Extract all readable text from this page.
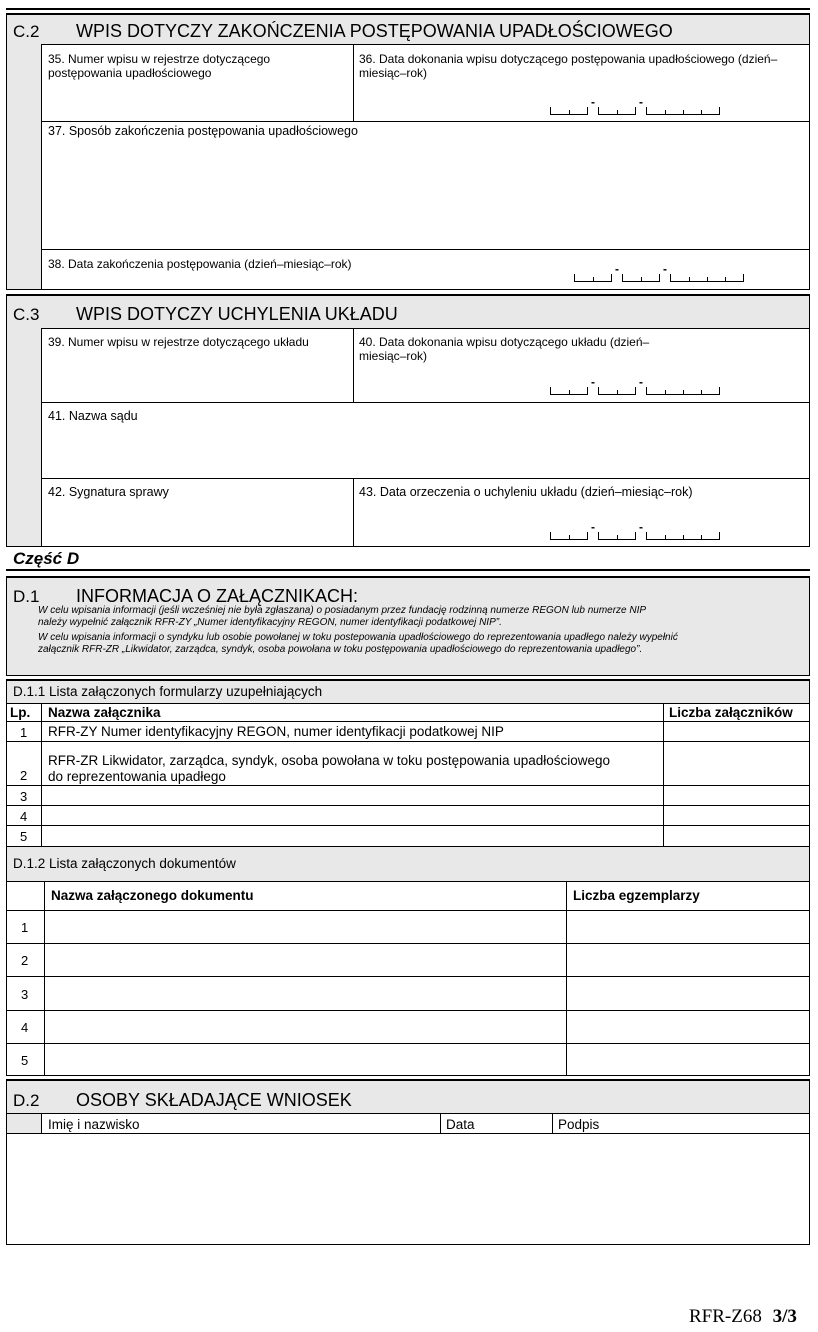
C.2 WPIS DOTYCZY ZAKOŃCZENIA POSTĘPOWANIA UPADŁOŚCIOWEGO
35. Numer wpisu w rejestrze dotyczącego postępowania upadłościowego
36. Data dokonania wpisu dotyczącego postępowania upadłościowego (dzień–miesiąc–rok)
-	-
37. Sposób zakończenia postępowania upadłościowego
38. Data zakończenia postępowania (dzień–miesiąc–rok)	-	-
C.3 WPIS DOTYCZY UCHYLENIA UKŁADU
39. Numer wpisu w rejestrze dotyczącego układu	40. Data dokonania wpisu dotyczącego układu (dzień–miesiąc–rok)
-	-
41. Nazwa sądu
42. Sygnatura sprawy	43. Data orzeczenia o uchyleniu układu (dzień–miesiąc–rok)
-	-
Część D
D.1 INFORMACJA O ZAŁĄCZNIKACH:
W celu wpisania informacji (jeśli wcześniej nie była zgłaszana) o posiadanym przez fundację rodzinną numerze REGON lub numerze NIP
należy wypełnić załącznik RFR-ZY „Numer identyfikacyjny REGON, numer identyfikacji podatkowej NIP”.
W celu wpisania informacji o syndyku lub osobie powołanej w toku postepowania upadłościowego do reprezentowania upadłego należy wypełnić
załącznik RFR-ZR „Likwidator, zarządca, syndyk, osoba powołana w toku postępowania upadłościowego do reprezentowania upadłego”.
D.1.1 Lista załączonych formularzy uzupełniających
Lp. Nazwa załącznika	Liczba załączników
1 RFR-ZY Numer identyfikacyjny REGON, numer identyfikacji podatkowej NIP
2
RFR-ZR Likwidator, zarządca, syndyk, osoba powołana w toku postępowania upadłościowego
do reprezentowania upadłego
3
4
5
D.1.2 Lista załączonych dokumentów
Nazwa załączonego dokumentu	Liczba egzemplarzy
1
2
3
4
5
D.2 OSOBY SKŁADAJĄCE WNIOSEK
Imię i nazwisko	Data	Podpis
RFR-Z68 3/3
